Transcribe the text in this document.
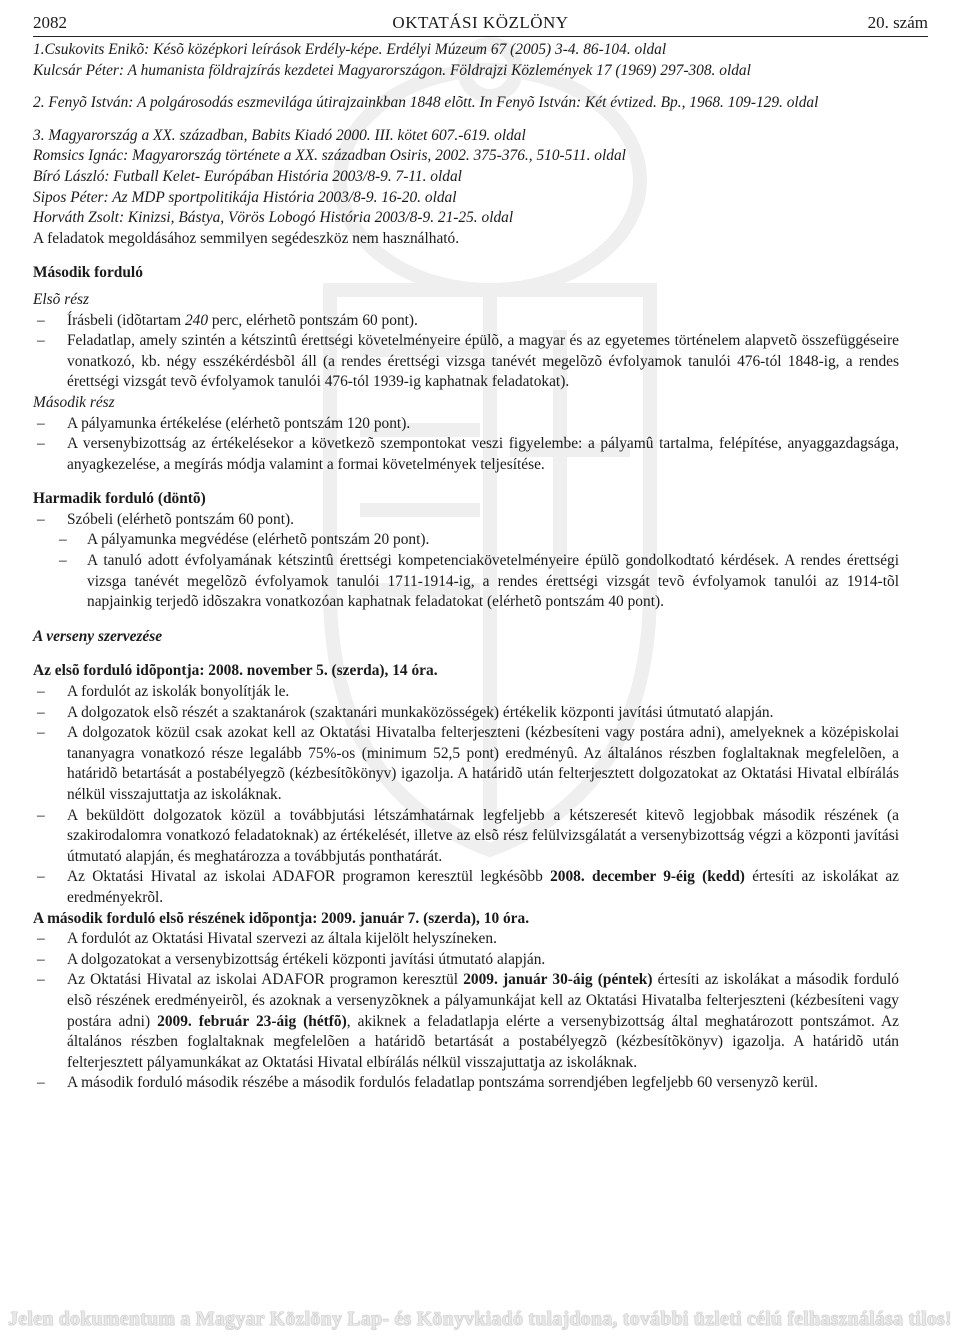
2082	OKTATÁSI KÖZLÖNY	20. szám

1.Csukovits Enikõ: Késõ középkori leírások Erdély-képe. Erdélyi Múzeum 67 (2005) 3-4. 86-104. oldal

Kulcsár Péter: A humanista földrajzírás kezdetei Magyarországon. Földrajzi Közlemények 17 (1969) 297-308. oldal

2. Fenyõ István: A polgárosodás eszmevilága útirajzainkban 1848 elõtt. In Fenyõ István: Két évtized. Bp., 1968. 109-129. oldal

3. Magyarország a XX. században, Babits Kiadó 2000. III. kötet 607.-619. oldal

Romsics Ignác: Magyarország története a XX. században Osiris, 2002. 375-376., 510-511. oldal

Bíró László: Futball Kelet- Európában História 2003/8-9. 7-11. oldal

Sipos Péter: Az MDP sportpolitikája História 2003/8-9. 16-20. oldal

Horváth Zsolt: Kinizsi, Bástya, Vörös Lobogó História 2003/8-9. 21-25. oldal

A feladatok megoldásához semmilyen segédeszköz nem használható.

Második forduló

Elsõ rész

– Írásbeli (idõtartam 240 perc, elérhetõ pontszám 60 pont).

– Feladatlap, amely szintén a kétszintû érettségi követelményeire épülõ, a magyar és az egyetemes történelem alapvetõ összefüggéseire vonatkozó, kb. négy esszékérdésbõl áll (a rendes érettségi vizsga tanévét megelõzõ évfolyamok tanulói 476-tól 1848-ig, a rendes érettségi vizsgát tevõ évfolyamok tanulói 476-tól 1939-ig kaphatnak feladatokat).

Második rész

– A pályamunka értékelése (elérhetõ pontszám 120 pont).

– A versenybizottság az értékelésekor a következõ szempontokat veszi figyelembe: a pályamû tartalma, felépítése, anyaggazdagsága, anyagkezelése, a megírás módja valamint a formai követelmények teljesítése.

Harmadik forduló (döntõ)

– Szóbeli (elérhetõ pontszám 60 pont).

– A pályamunka megvédése (elérhetõ pontszám 20 pont).

– A tanuló adott évfolyamának kétszintû érettségi kompetenciakövetelményeire épülõ gondolkodtató kérdések. A rendes érettségi vizsga tanévét megelõzõ évfolyamok tanulói 1711-1914-ig, a rendes érettségi vizsgát tevõ évfolyamok tanulói az 1914-tõl napjainkig terjedõ idõszakra vonatkozóan kaphatnak feladatokat (elérhetõ pontszám 40 pont).

A verseny szervezése

Az elsõ forduló idõpontja: 2008. november 5. (szerda), 14 óra.

– A fordulót az iskolák bonyolítják le.

– A dolgozatok elsõ részét a szaktanárok (szaktanári munkaközösségek) értékelik központi javítási útmutató alapján.

– A dolgozatok közül csak azokat kell az Oktatási Hivatalba felterjeszteni (kézbesíteni vagy postára adni), amelyeknek a középiskolai tananyagra vonatkozó része legalább 75%-os (minimum 52,5 pont) eredményû. Az általános részben foglaltaknak megfelelõen, a határidõ betartását a postabélyegzõ (kézbesítõkönyv) igazolja. A határidõ után felterjesztett dolgozatokat az Oktatási Hivatal elbírálás nélkül visszajuttatja az iskoláknak.

– A beküldött dolgozatok közül a továbbjutási létszámhatárnak legfeljebb a kétszeresét kitevõ legjobbak második részének (a szakirodalomra vonatkozó feladatoknak) az értékelését, illetve az elsõ rész felülvizsgálatát a versenybizottság végzi a központi javítási útmutató alapján, és meghatározza a továbbjutás ponthatárát.

– Az Oktatási Hivatal az iskolai ADAFOR programon keresztül legkésõbb 2008. december 9-éig (kedd) értesíti az iskolákat az eredményekrõl.

A második forduló elsõ részének idõpontja: 2009. január 7. (szerda), 10 óra.

– A fordulót az Oktatási Hivatal szervezi az általa kijelölt helyszíneken.

– A dolgozatokat a versenybizottság értékeli központi javítási útmutató alapján.

– Az Oktatási Hivatal az iskolai ADAFOR programon keresztül 2009. január 30-áig (péntek) értesíti az iskolákat a második forduló elsõ részének eredményeirõl, és azoknak a versenyzõknek a pályamunkájat kell az Oktatási Hivatalba felterjeszteni (kézbesíteni vagy postára adni) 2009. február 23-áig (hétfõ), akiknek a feladatlapja elérte a versenybizottság által meghatározott pontszámot. Az általános részben foglaltaknak megfelelõen a határidõ betartását a postabélyegzõ (kézbesítõkönyv) igazolja. A határidõ után felterjesztett pályamunkákat az Oktatási Hivatal elbírálás nélkül visszajuttatja az iskoláknak.

– A második forduló második részébe a második fordulós feladatlap pontszáma sorrendjében legfeljebb 60 versenyzõ kerül.

Jelen dokumentum a Magyar Közlöny Lap- és Könyvkiadó tulajdona, további üzleti célú felhasználása tilos!
